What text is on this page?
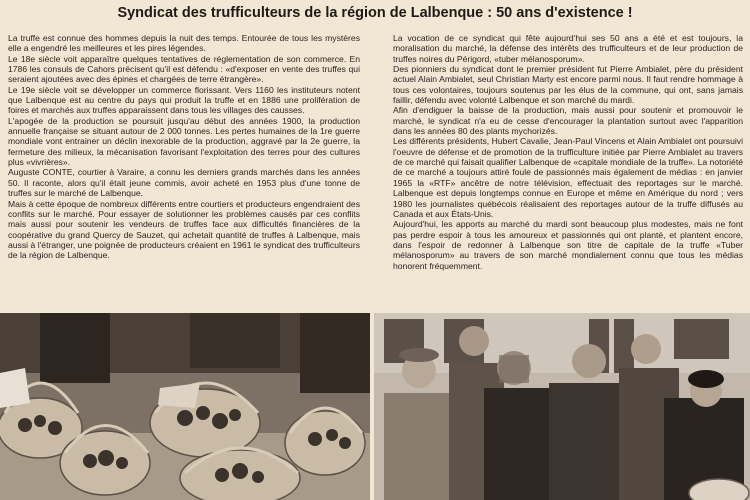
Syndicat des trufficulteurs de la région de Lalbenque : 50 ans d'existence !

La truffe est connue des hommes depuis la nuit des temps. Entourée de tous les mystères elle a engendré les meilleures et les pires légendes.

Le 18e siècle voit apparaître quelques tentatives de réglementation de son commerce. En 1786 les consuls de Cahors précisent qu'il est défendu : «d'exposer en vente des truffes qui seraient ajoutées avec des épines et chargées de terre étrangère».

Le 19e siècle voit se développer un commerce florissant. Vers 1160 les instituteurs notent que Lalbenque est au centre du pays qui produit la truffe et en 1886 une prolifération de foires et marchés aux truffes apparaissent dans tous les villages des causses.

L'apogée de la production se poursuit jusqu'au début des années 1900, la production annuelle française se situant autour de 2 000 tonnes. Les pertes humaines de la 1re guerre mondiale vont entrainer un déclin inexorable de la production, aggravé par la 2e guerre, la fermeture des milieux, la mécanisation favorisant l'exploitation des terres pour des cultures plus «vivrières».

Auguste CONTE, courtier à Varaire, a connu les derniers grands marchés dans les années 50. Il raconte, alors qu'il était jeune commis, avoir acheté en 1953 plus d'une tonne de truffes sur le marché de Lalbenque.

Mais à cette époque de nombreux différents entre courtiers et producteurs engendraient des conflits sur le marché. Pour essayer de solutionner les problèmes causés par ces conflits mais aussi pour soutenir les vendeurs de truffes face aux difficultés financières de la coopérative du grand Quercy de Sauzet, qui achetait quantité de truffes à Lalbenque, mais aussi à l'étranger, une poignée de producteurs créaient en 1961 le syndicat des trufficulteurs de la région de Lalbenque.

La vocation de ce syndicat qui fête aujourd'hui ses 50 ans a été et est toujours, la moralisation du marché, la défense des intérêts des trufficulteurs et de leur production de truffes noires du Périgord, «tuber mélanosporum».

Des pionniers du syndicat dont le premier président fut Pierre Ambialet, père du président actuel Alain Ambialet, seul Christian Marty est encore parmi nous. Il faut rendre hommage à tous ces volontaires, toujours soutenus par les élus de la commune, qui ont, sans jamais faillir, défendu avec volonté Lalbenque et son marché du mardi.

Afin d'endiguer la baisse de la production, mais aussi pour soutenir et promouvoir le marché, le syndicat n'a eu de cesse d'encourager la plantation surtout avec l'apparition dans les années 80 des plants mychorizés.

Les différents présidents, Hubert Cavalie, Jean-Paul Vincens et Alain Ambialet ont poursuivi l'oeuvre de défense et de promotion de la trufficulture initiée par Pierre Ambialet au travers de ce marché qui faisait qualifier Lalbenque de «capitale mondiale de la truffe». La notoriété de ce marché a toujours attiré foule de passionnés mais également de médias : en janvier 1965 la «RTF» ancêtre de notre télévision, effectuait des reportages sur le marché. Lalbenque est depuis longtemps connue en Europe et même en Amérique du nord ; vers 1980 les journalistes québécois réalisaient des reportages autour de la truffe diffusés au Canada et aux États-Unis.

Aujourd'hui, les apports au marché du mardi sont beaucoup plus modestes, mais ne font pas perdre espoir à tous les amoureux et passionnés qui ont planté, et plantent encore, dans l'espoir de redonner à Lalbenque son titre de capitale de la truffe «Tuber mélanosporum» au travers de son marché mondialement connu que tous les médias honorent fréquemment.
